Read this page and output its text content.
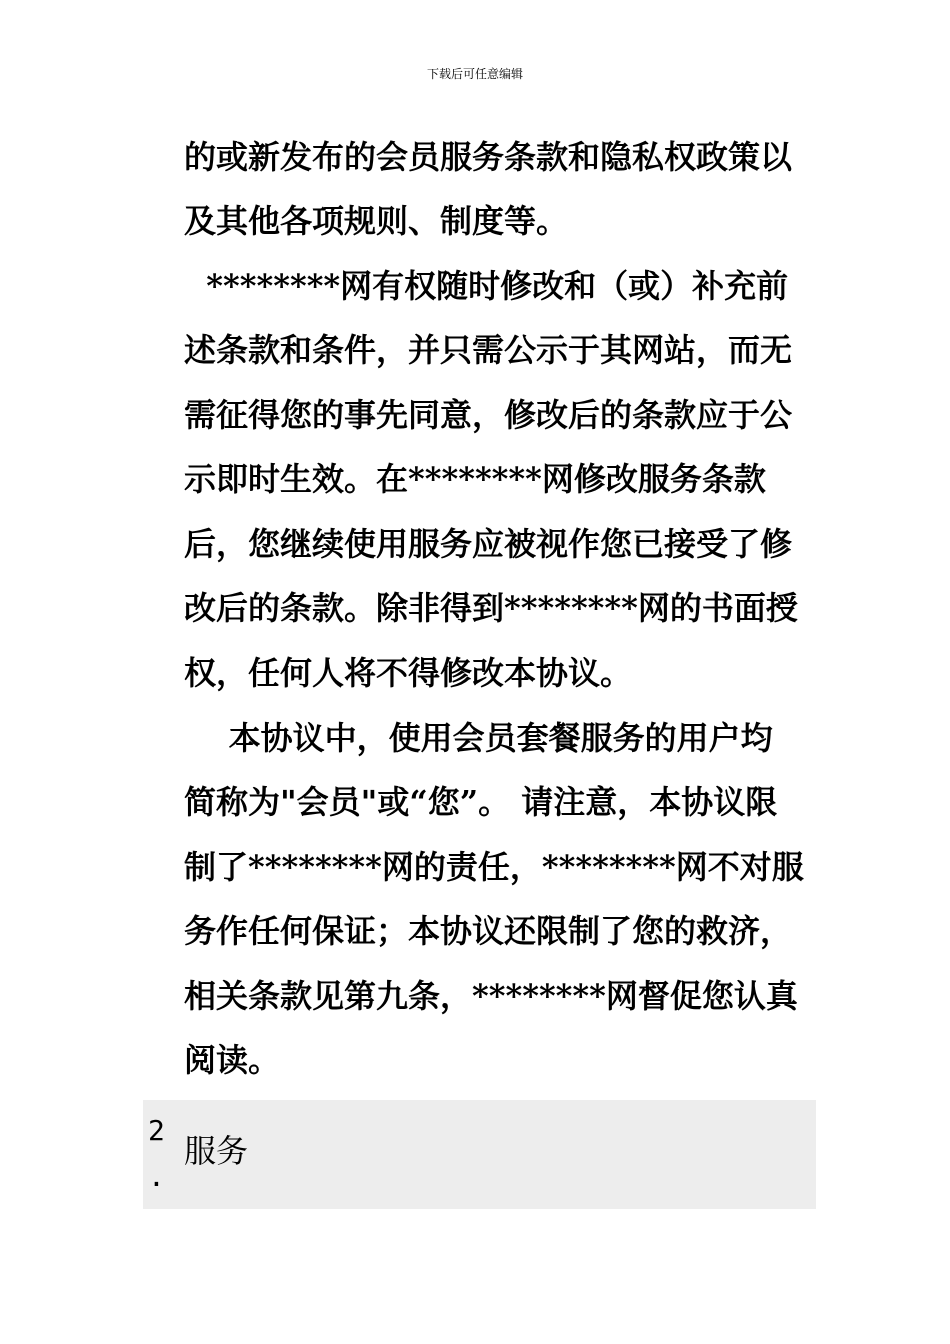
下载后可任意编辑
的或新发布的会员服务条款和隐私权政策以
及其他各项规则、制度等。
********网有权随时修改和（或）补充前
述条款和条件，并只需公示于其网站，而无
需征得您的事先同意，修改后的条款应于公
示即时生效。在********网修改服务条款
后，您继续使用服务应被视作您已接受了修
改后的条款。除非得到********网的书面授
权，任何人将不得修改本协议。
本协议中，使用会员套餐服务的用户均
简称为"会员"或“您”。 请注意，本协议限
制了********网的责任，********网不对服
务作任何保证；本协议还限制了您的救济，
相关条款见第九条，********网督促您认真
阅读。
2
.
服务
